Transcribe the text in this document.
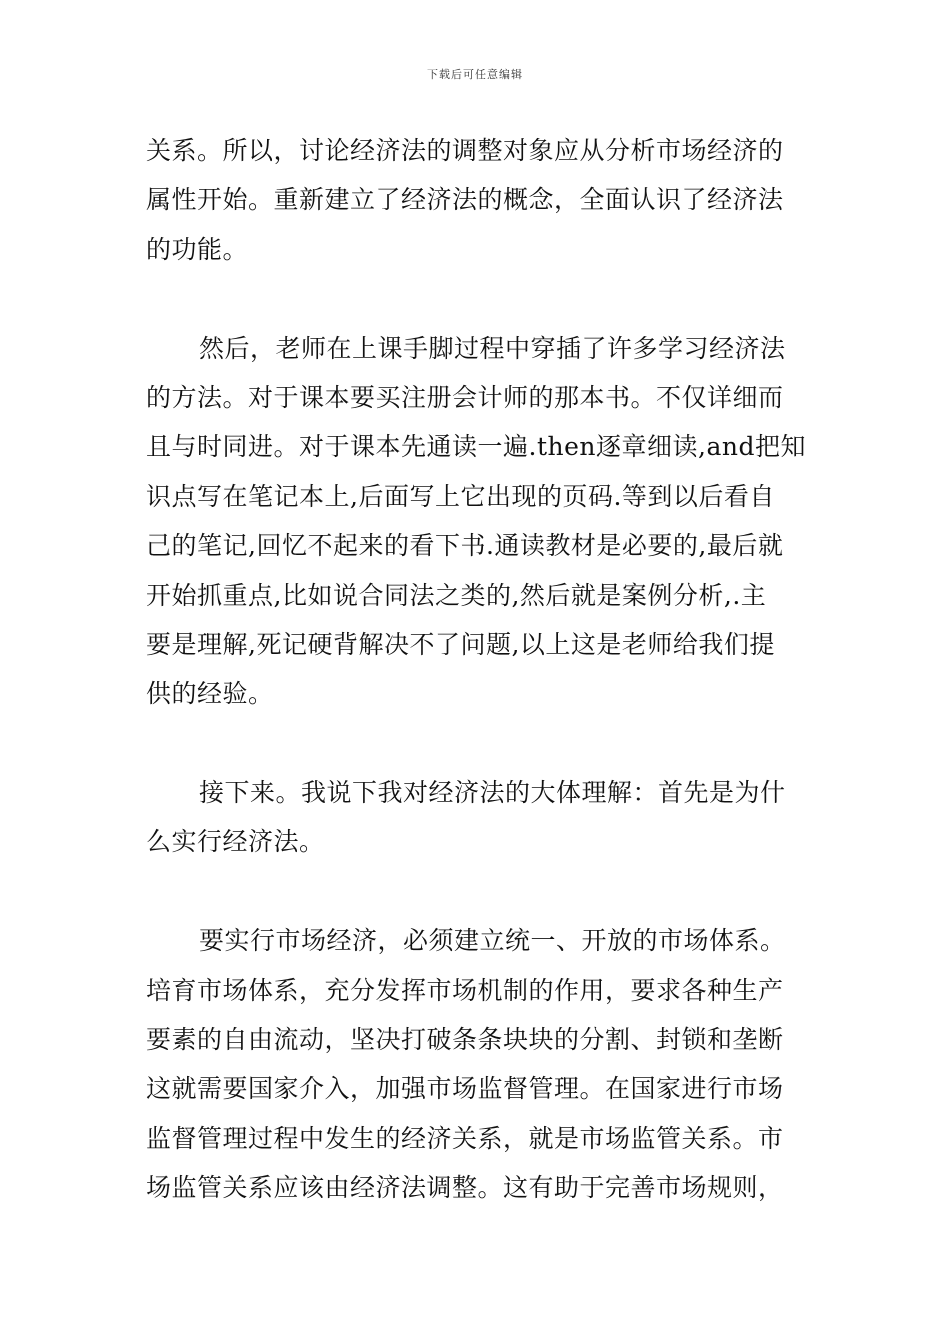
下载后可任意编辑
关系。所以，讨论经济法的调整对象应从分析市场经济的
属性开始。重新建立了经济法的概念，全面认识了经济法
的功能。
然后，老师在上课手脚过程中穿插了许多学习经济法
的方法。对于课本要买注册会计师的那本书。不仅详细而
且与时同进。对于课本先通读一遍.then逐章细读,and把知
识点写在笔记本上,后面写上它出现的页码.等到以后看自
己的笔记,回忆不起来的看下书.通读教材是必要的,最后就
开始抓重点,比如说合同法之类的,然后就是案例分析,.主
要是理解,死记硬背解决不了问题,以上这是老师给我们提
供的经验。
接下来。我说下我对经济法的大体理解：首先是为什
么实行经济法。
要实行市场经济，必须建立统一、开放的市场体系。
培育市场体系，充分发挥市场机制的作用，要求各种生产
要素的自由流动，坚决打破条条块块的分割、封锁和垄断
这就需要国家介入，加强市场监督管理。在国家进行市场
监督管理过程中发生的经济关系，就是市场监管关系。市
场监管关系应该由经济法调整。这有助于完善市场规则，
